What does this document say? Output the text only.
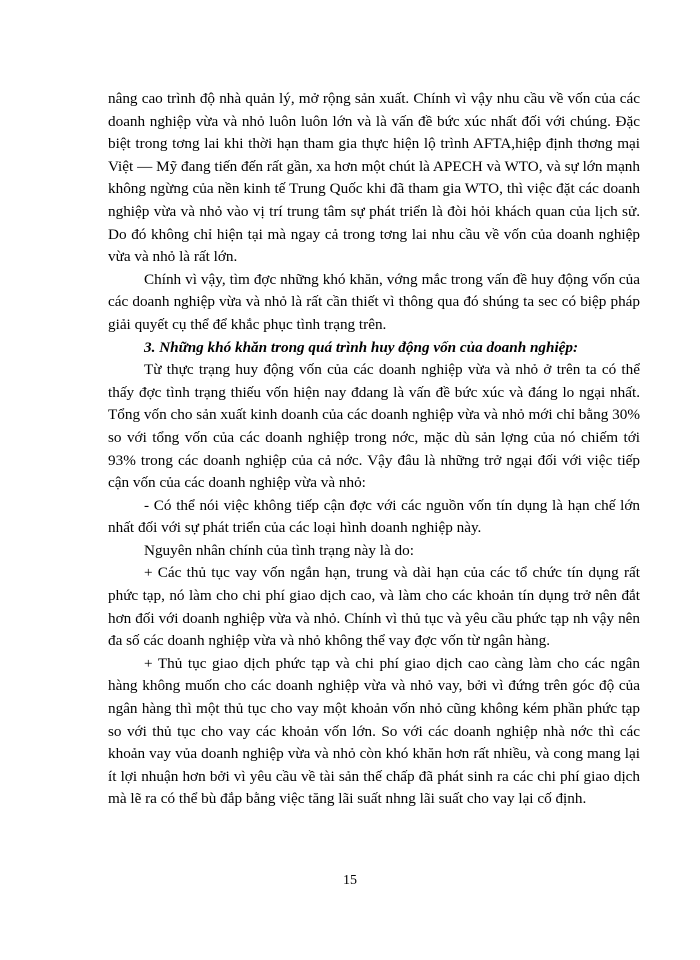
nâng cao trình độ nhà quản lý, mở rộng sản xuất. Chính vì vậy nhu cầu về vốn của các doanh nghiệp vừa và nhỏ luôn luôn lớn và là vấn đề bức xúc nhất đối với chúng. Đặc biệt trong tơng lai khi thời hạn tham gia thực hiện lộ trình AFTA,hiệp định thơng mại Việt — Mỹ đang tiến đến rất gần, xa hơn một chút là APECH và WTO, và sự lớn mạnh không ngừng của nền kinh tế Trung Quốc khi đã tham gia WTO, thì việc đặt các doanh nghiệp vừa và nhỏ vào vị trí trung tâm sự phát triển là đòi hỏi khách quan của lịch sử. Do đó không chỉ hiện tại mà ngay cả trong tơng lai nhu cầu về vốn của doanh nghiệp vừa và nhỏ là rất lớn.

Chính vì vậy, tìm đợc những khó khăn, vớng mắc trong vấn đề huy động vốn của các doanh nghiệp vừa và nhỏ là rất cần thiết vì thông qua đó shúng ta sec có biệp pháp giải quyết cụ thể để khắc phục tình trạng trên.

3. Những khó khăn trong quá trình huy động vốn của doanh nghiệp:

Từ thực trạng huy động vốn của các doanh nghiệp vừa và nhỏ ở trên ta có thể thấy đợc tình trạng thiếu vốn hiện nay đdang là vấn đề bức xúc và đáng lo ngại nhất. Tổng vốn cho sản xuất kinh doanh của các doanh nghiệp vừa và nhỏ mới chỉ bằng 30% so với tổng vốn của các doanh nghiệp trong nớc, mặc dù sản lợng của nó chiếm tới 93% trong các doanh nghiệp của cả nớc. Vậy đâu là những trở ngại đối với việc tiếp cận vốn của các doanh nghiệp vừa và nhỏ:

- Có thể nói việc không tiếp cận đợc với các nguồn vốn tín dụng là hạn chế lớn nhất đối với sự phát triển của các loại hình doanh nghiệp này.

Nguyên nhân chính của tình trạng này là do:

+ Các thủ tục vay vốn ngắn hạn, trung và dài hạn của các tổ chức tín dụng rất phức tạp, nó làm cho chi phí giao dịch cao, và làm cho các khoản tín dụng trở nên đắt hơn đối với doanh nghiệp vừa và nhỏ. Chính vì thủ tục và yêu cầu phức tạp nh vậy nên đa số các doanh nghiệp vừa và nhỏ không thể vay đợc vốn từ ngân hàng.

+ Thủ tục giao dịch phức tạp và chi phí giao dịch cao càng làm cho các ngân hàng không muốn cho các doanh nghiệp vừa và nhỏ vay, bởi vì đứng trên góc độ của ngân hàng thì một thủ tục cho vay một khoản vốn nhỏ cũng không kém phần phức tạp so với thủ tục cho vay các khoản vốn lớn. So với các doanh nghiệp nhà nớc thì các khoản vay vủa doanh nghiệp vừa và nhỏ còn khó khăn hơn rất nhiều, và cong mang lại ít lợi nhuận hơn bởi vì yêu cầu về tài sản thế chấp đã phát sinh ra các chi phí giao dịch mà lẽ ra có thể bù đắp bằng việc tăng lãi suất nhng lãi suất cho vay lại cố định.

15
